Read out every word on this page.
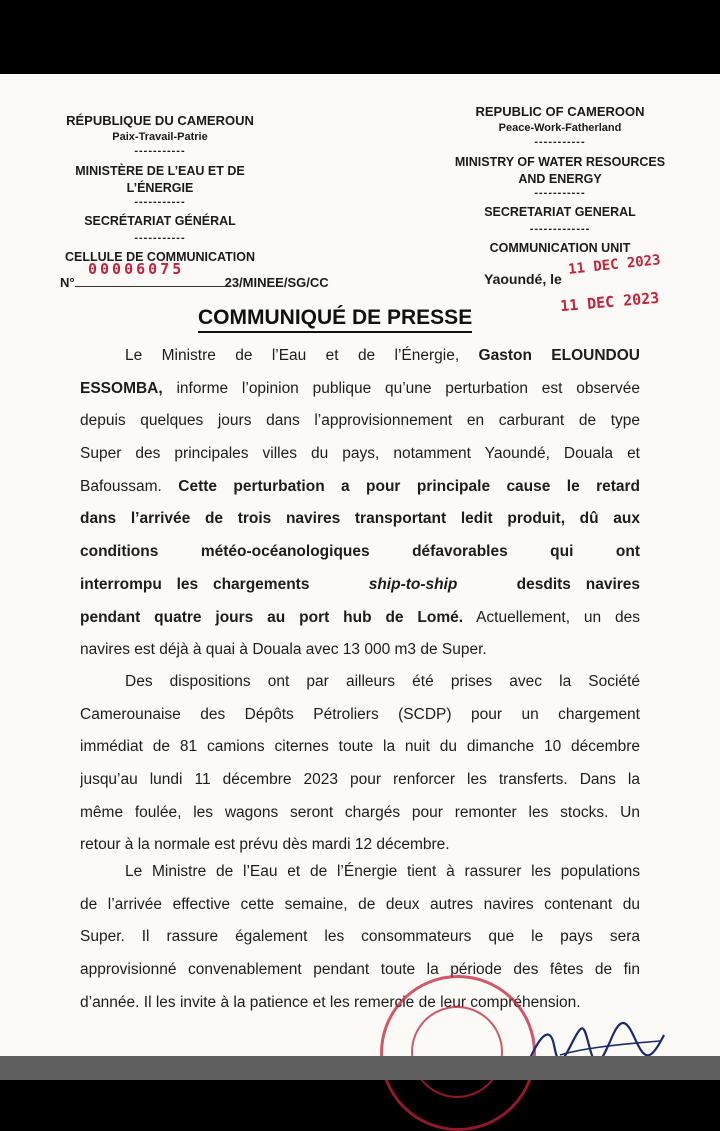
RÉPUBLIQUE DU CAMEROUN
Paix-Travail-Patrie
-----------
MINISTÈRE DE L’EAU ET DE
L’ÉNERGIE
-----------
SECRÉTARIAT GÉNÉRAL
-----------
CELLULE DE COMMUNICATION
REPUBLIC OF CAMEROON
Peace-Work-Fatherland
-----------
MINISTRY OF WATER RESOURCES
AND ENERGY
-----------
SECRETARIAT GENERAL
-------------
COMMUNICATION UNIT
00006075
N°	23/MINEE/SG/CC	Yaoundé, le
11 DEC 2023
11 DEC 2023
COMMUNIQUÉ DE PRESSE
Le Ministre de l’Eau et de l’Énergie, Gaston ELOUNDOU
ESSOMBA, informe l’opinion publique qu’une perturbation est observée
depuis quelques jours dans l’approvisionnement en carburant de type
Super des principales villes du pays, notamment Yaoundé, Douala et
Bafoussam. Cette perturbation a pour principale cause le retard
dans l’arrivée de trois navires transportant ledit produit, dû aux
conditions météo-océanologiques défavorables qui ont
interrompu les chargements	ship-to-ship	desdits navires
pendant quatre jours au port hub de Lomé. Actuellement, un des
navires est déjà à quai à Douala avec 13 000 m3 de Super.
Des dispositions ont par ailleurs été prises avec la Société
Camerounaise des Dépôts Pétroliers (SCDP) pour un chargement
immédiat de 81 camions citernes toute la nuit du dimanche 10 décembre
jusqu’au lundi 11 décembre 2023 pour renforcer les transferts. Dans la
même foulée, les wagons seront chargés pour remonter les stocks. Un
retour à la normale est prévu dès mardi 12 décembre.
Le Ministre de l’Eau et de l’Énergie tient à rassurer les populations
de l’arrivée effective cette semaine, de deux autres navires contenant du
Super. Il rassure également les consommateurs que le pays sera
approvisionné convenablement pendant toute la période des fêtes de fin
d’année. Il les invite à la patience et les remercie de leur compréhension.
